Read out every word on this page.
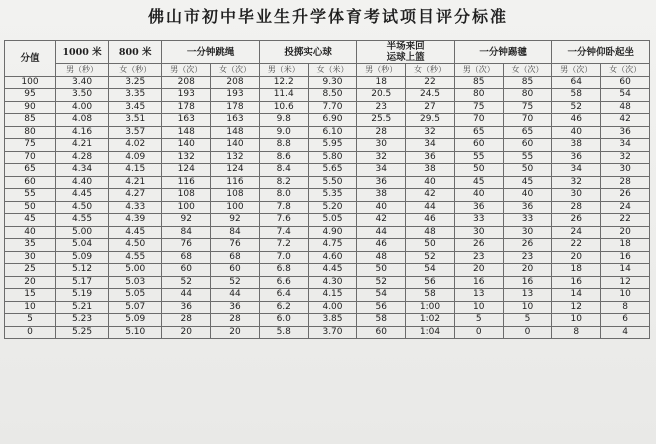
佛山市初中毕业生升学体育考试项目评分标准
分值	1000 米	800 米	一分钟跳绳		投掷实心球		半场来回
运球上篮		一分钟踢毽		一分钟仰卧起坐	
	男（秒）	女（秒）	男（次）	女（次）	男（米）	女（米）	男（秒）	女（秒）	男（次）	女（次）	男（次）	女（次）
100	3.40	3.25	208	208	12.2	9.30	18	22	85	85	64	60
95	3.50	3.35	193	193	11.4	8.50	20.5	24.5	80	80	58	54
90	4.00	3.45	178	178	10.6	7.70	23	27	75	75	52	48
85	4.08	3.51	163	163	9.8	6.90	25.5	29.5	70	70	46	42
80	4.16	3.57	148	148	9.0	6.10	28	32	65	65	40	36
75	4.21	4.02	140	140	8.8	5.95	30	34	60	60	38	34
70	4.28	4.09	132	132	8.6	5.80	32	36	55	55	36	32
65	4.34	4.15	124	124	8.4	5.65	34	38	50	50	34	30
60	4.40	4.21	116	116	8.2	5.50	36	40	45	45	32	28
55	4.45	4.27	108	108	8.0	5.35	38	42	40	40	30	26
50	4.50	4.33	100	100	7.8	5.20	40	44	36	36	28	24
45	4.55	4.39	92	92	7.6	5.05	42	46	33	33	26	22
40	5.00	4.45	84	84	7.4	4.90	44	48	30	30	24	20
35	5.04	4.50	76	76	7.2	4.75	46	50	26	26	22	18
30	5.09	4.55	68	68	7.0	4.60	48	52	23	23	20	16
25	5.12	5.00	60	60	6.8	4.45	50	54	20	20	18	14
20	5.17	5.03	52	52	6.6	4.30	52	56	16	16	16	12
15	5.19	5.05	44	44	6.4	4.15	54	58	13	13	14	10
10	5.21	5.07	36	36	6.2	4.00	56	1:00	10	10	12	8
5	5.23	5.09	28	28	6.0	3.85	58	1:02	5	5	10	6
0	5.25	5.10	20	20	5.8	3.70	60	1:04	0	0	8	4
